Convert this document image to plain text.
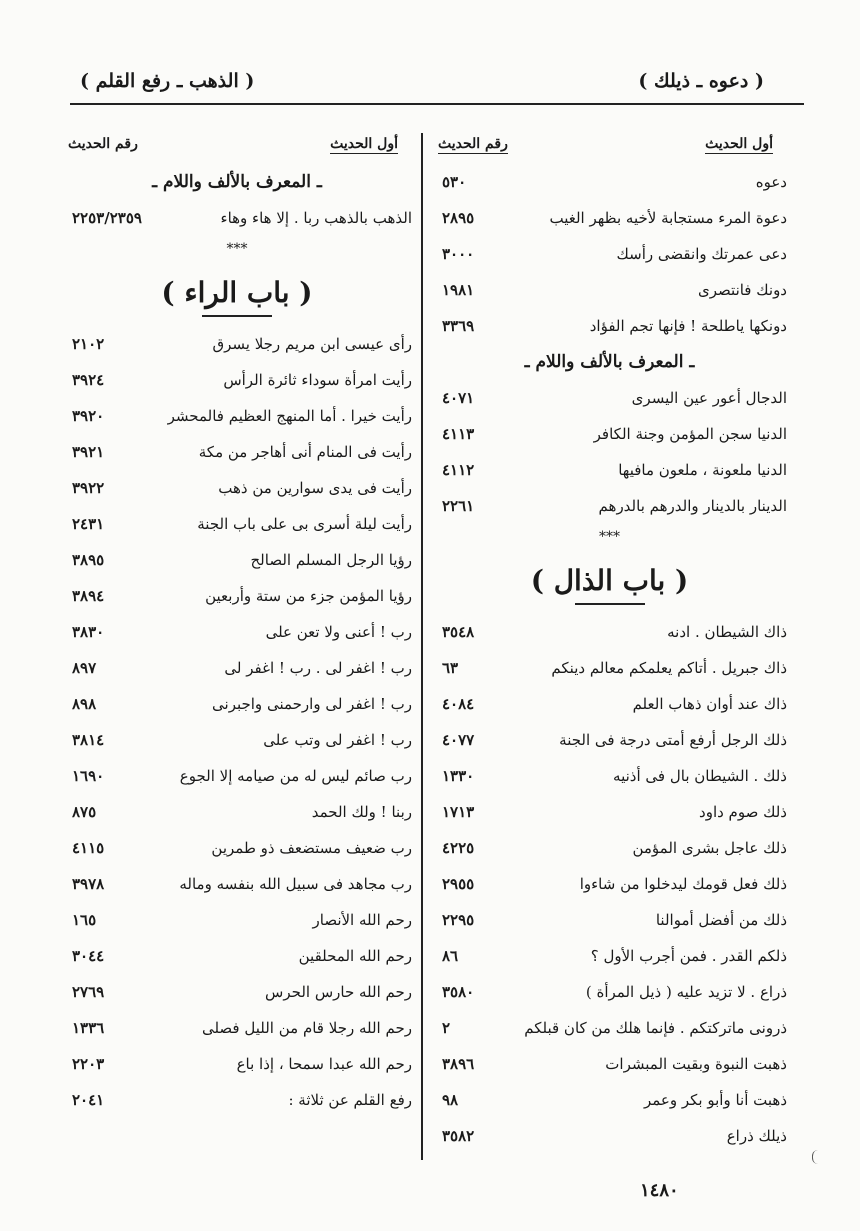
( دعوه ـ ذيلك )
( الذهب ـ رفع القلم )
أول الحديث
رقم الحديث
دعوه
٥٣٠
دعوة المرء مستجابة لأخيه بظهر الغيب
٢٨٩٥
دعى عمرتك وانقضى رأسك
٣٠٠٠
دونك فانتصرى
١٩٨١
دونكها ياطلحة ! فإنها تجم الفؤاد
٣٣٦٩
ـ المعرف بالألف واللام ـ
الدجال أعور عين اليسرى
٤٠٧١
الدنيا سجن المؤمن وجنة الكافر
٤١١٣
الدنيا ملعونة ، ملعون مافيها
٤١١٢
الدينار بالدينار والدرهم بالدرهم
٢٢٦١
***
( باب الذال )
ذاك الشيطان . ادنه
٣٥٤٨
ذاك جبريل . أتاكم يعلمكم معالم دينكم
٦٣
ذاك عند أوان ذهاب العلم
٤٠٨٤
ذلك الرجل أرفع أمتى درجة فى الجنة
٤٠٧٧
ذلك . الشيطان بال فى أذنيه
١٣٣٠
ذلك صوم داود
١٧١٣
ذلك عاجل بشرى المؤمن
٤٢٢٥
ذلك فعل قومك ليدخلوا من شاءوا
٢٩٥٥
ذلك من أفضل أموالنا
٢٢٩٥
ذلكم القدر . فمن أجرب الأول ؟
٨٦
ذراع . لا تزيد عليه ( ذيل المرأة )
٣٥٨٠
ذرونى ماتركتكم . فإنما هلك من كان قبلكم
٢
ذهبت النبوة وبقيت المبشرات
٣٨٩٦
ذهبت أنا وأبو بكر وعمر
٩٨
ذيلك ذراع
٣٥٨٢
أول الحديث
رقم الحديث
ـ المعرف بالألف واللام ـ
الذهب بالذهب ربا . إلا هاء وهاء
٢٢٥٣/٢٣٥٩
***
( باب الراء )
رأى عيسى ابن مريم رجلا يسرق
٢١٠٢
رأيت امرأة سوداء ثائرة الرأس
٣٩٢٤
رأيت خيرا . أما المنهج العظيم فالمحشر
٣٩٢٠
رأيت فى المنام أنى أهاجر من مكة
٣٩٢١
رأيت فى يدى سوارين من ذهب
٣٩٢٢
رأيت ليلة أسرى بى على باب الجنة
٢٤٣١
رؤيا الرجل المسلم الصالح
٣٨٩٥
رؤيا المؤمن جزء من ستة وأربعين
٣٨٩٤
رب ! أعنى ولا تعن على
٣٨٣٠
رب ! اغفر لى . رب ! اغفر لى
٨٩٧
رب ! اغفر لى وارحمنى واجبرنى
٨٩٨
رب ! اغفر لى وتب على
٣٨١٤
رب صائم ليس له من صيامه إلا الجوع
١٦٩٠
ربنا ! ولك الحمد
٨٧٥
رب ضعيف مستضعف ذو طمرين
٤١١٥
رب مجاهد فى سبيل الله بنفسه وماله
٣٩٧٨
رحم الله الأنصار
١٦٥
رحم الله المحلقين
٣٠٤٤
رحم الله حارس الحرس
٢٧٦٩
رحم الله رجلا قام من الليل فصلى
١٣٣٦
رحم الله عبدا سمحا ، إذا باع
٢٢٠٣
رفع القلم عن ثلاثة :
٢٠٤١
١٤٨٠
